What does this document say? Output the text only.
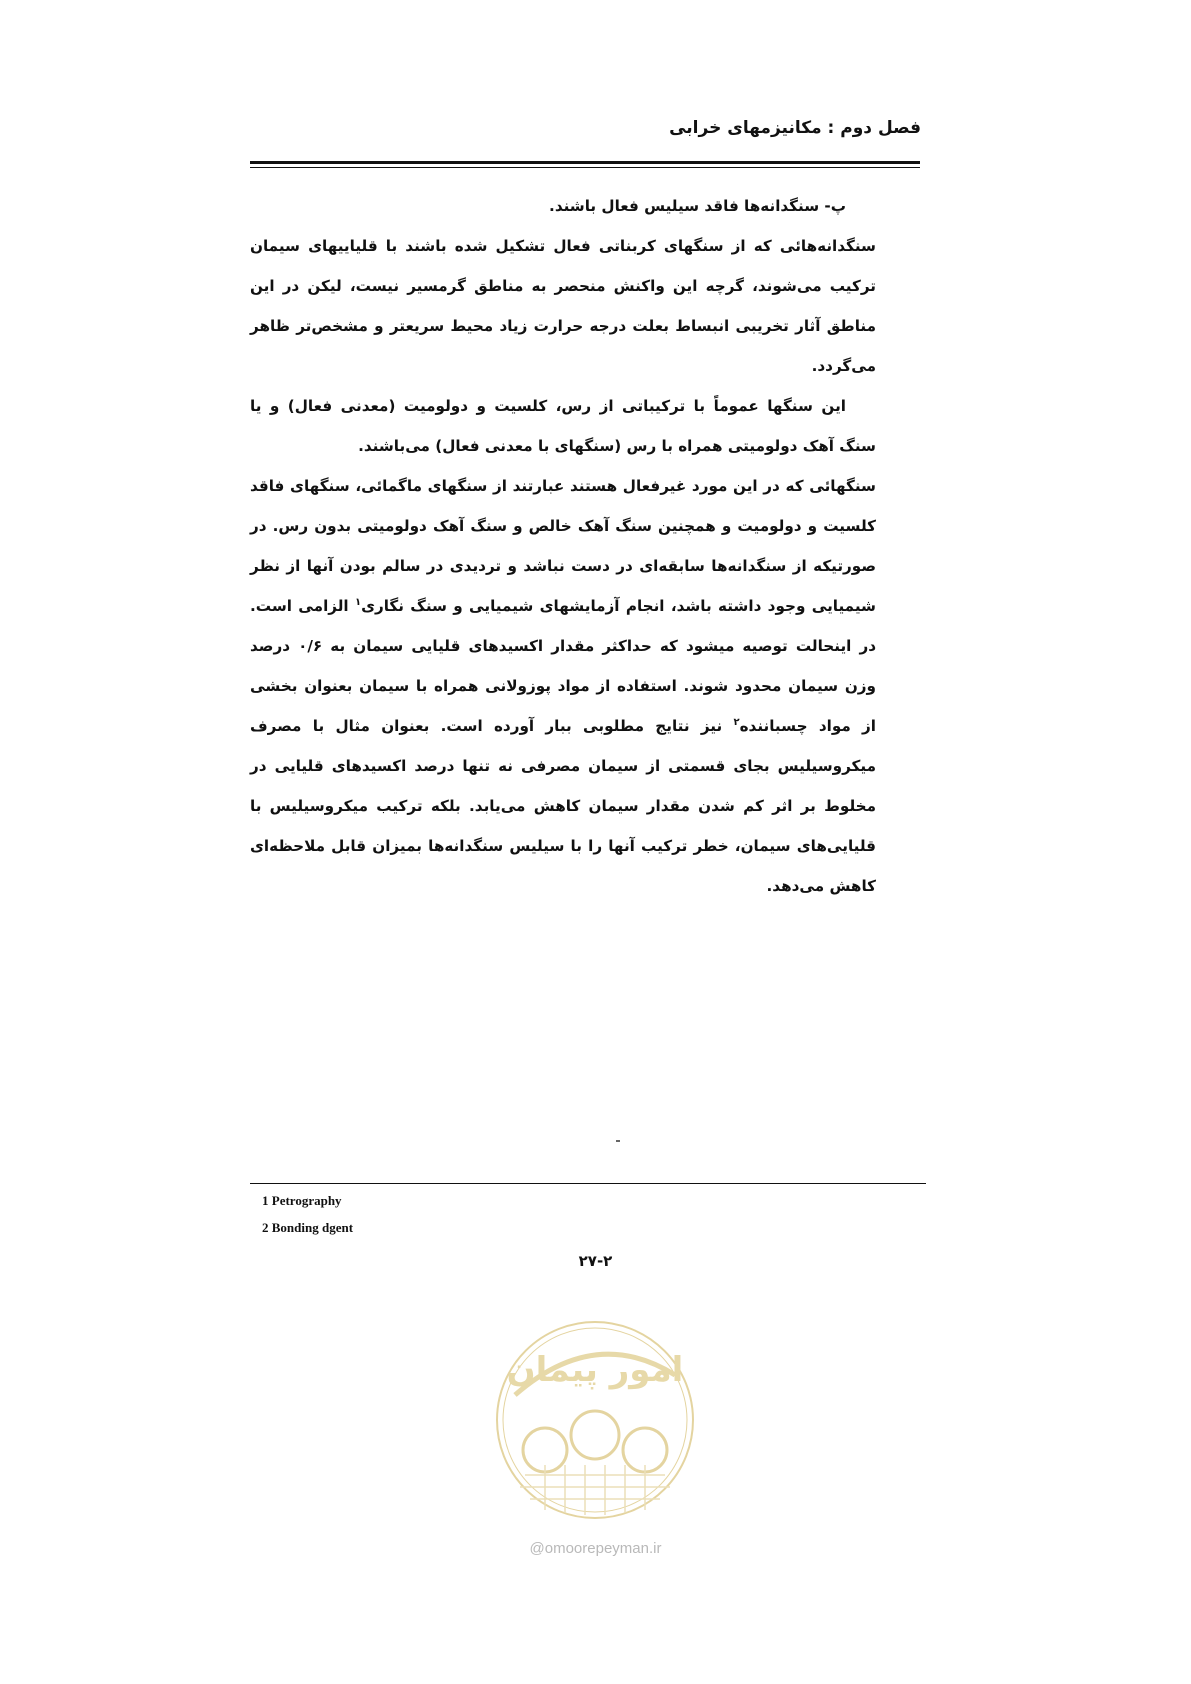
فصل دوم : مکانیزمهای خرابی

پ- سنگدانه‌ها فاقد سیلیس فعال باشند.

سنگدانه‌هائی که از سنگهای کربناتی فعال تشکیل شده باشند با قلیاییهای سیمان ترکیب می‌شوند، گرچه این واکنش منحصر به مناطق گرمسیر نیست، لیکن در این مناطق آثار تخریبی انبساط بعلت درجه حرارت زیاد محیط سریعتر و مشخص‌تر ظاهر می‌گردد.

این سنگها عموماً با ترکیباتی از رس، کلسیت و دولومیت (معدنی فعال) و یا سنگ آهک دولومیتی همراه با رس (سنگهای با معدنی فعال) می‌باشند.

سنگهائی که در این مورد غیرفعال هستند عبارتند از سنگهای ماگمائی، سنگهای فاقد کلسیت و دولومیت و همچنین سنگ آهک خالص و سنگ آهک دولومیتی بدون رس. در صورتیکه از سنگدانه‌ها سابقه‌ای در دست نباشد و تردیدی در سالم بودن آنها از نظر شیمیایی وجود داشته باشد، انجام آزمایشهای شیمیایی و سنگ نگاری$^۱$ الزامی است. در اینحالت توصیه میشود که حداکثر مقدار اکسیدهای قلیایی سیمان به ۰/۶ درصد وزن سیمان محدود شوند. استفاده از مواد پوزولانی همراه با سیمان بعنوان بخشی از مواد چسباننده$^۲$ نیز نتایج مطلوبی ببار آورده است. بعنوان مثال با مصرف میکروسیلیس بجای قسمتی از سیمان مصرفی نه تنها درصد اکسیدهای قلیایی در مخلوط بر اثر کم شدن مقدار سیمان کاهش می‌یابد. بلکه ترکیب میکروسیلیس با قلیایی‌های سیمان، خطر ترکیب آنها را با سیلیس سنگدانه‌ها بمیزان قابل ملاحظه‌ای کاهش می‌دهد.

1 Petrography
2 Bonding dgent
۲۷-۲
امور پیمان
@omoorepeyman.ir
